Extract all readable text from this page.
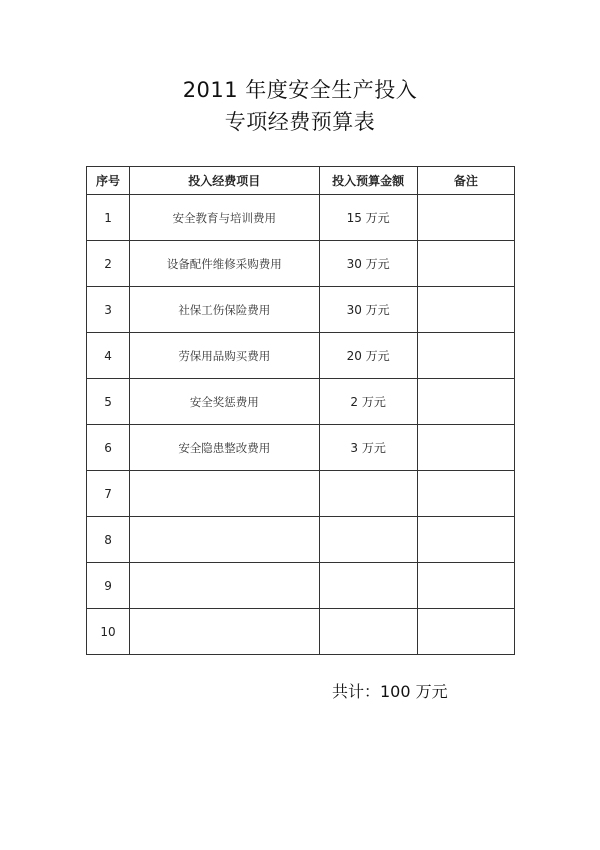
2011 年度安全生产投入
专项经费预算表
序号	投入经费项目	投入预算金额	备注
1	安全教育与培训费用	15 万元	
2	设备配件维修采购费用	30 万元	
3	社保工伤保险费用	30 万元	
4	劳保用品购买费用	20 万元	
5	安全奖惩费用	2 万元	
6	安全隐患整改费用	3 万元	
7			
8			
9			
10			
共计：100 万元
